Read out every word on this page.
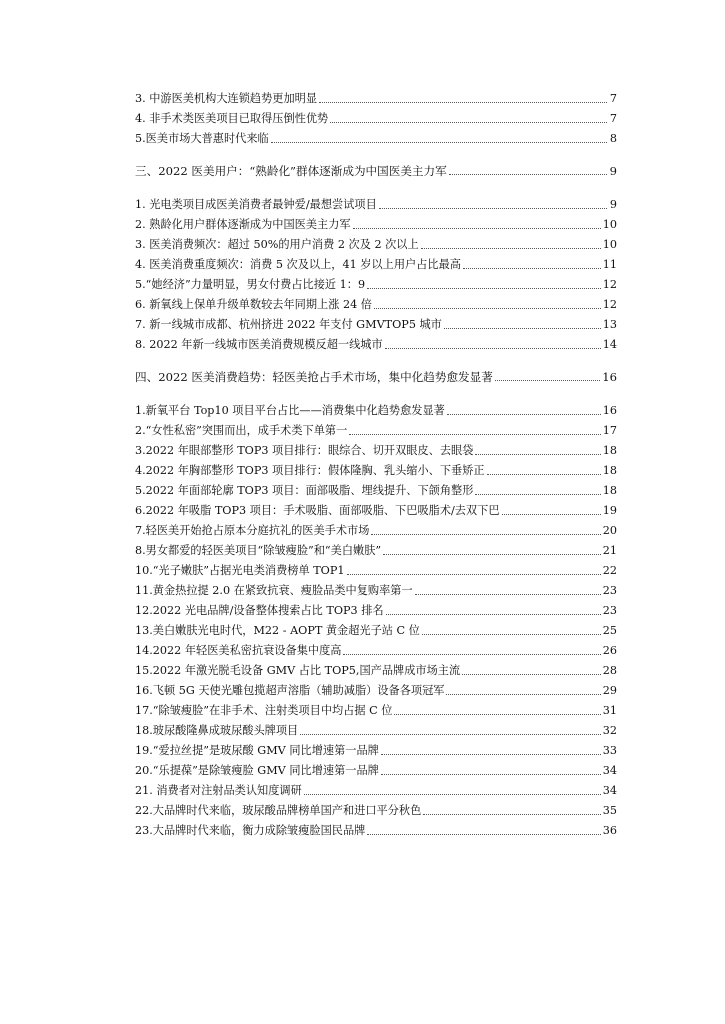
3. 中游医美机构大连锁趋势更加明显	7
4. 非手术类医美项目已取得压倒性优势	7
5.医美市场大普惠时代来临	8
三、2022 医美用户：“熟龄化”群体逐渐成为中国医美主力军	9
1. 光电类项目成医美消费者最钟爱/最想尝试项目	9
2. 熟龄化用户群体逐渐成为中国医美主力军	10
3. 医美消费频次：超过 50%的用户消费 2 次及 2 次以上	10
4. 医美消费重度频次：消费 5 次及以上，41 岁以上用户占比最高	11
5.“她经济”力量明显，男女付费占比接近 1：9	12
6. 新氧线上保单升级单数较去年同期上涨 24 倍	12
7. 新一线城市成都、杭州挤进 2022 年支付 GMVTOP5 城市	13
8. 2022 年新一线城市医美消费规模反超一线城市	14
四、2022 医美消费趋势：轻医美抢占手术市场，集中化趋势愈发显著	16
1.新氧平台 Top10 项目平台占比——消费集中化趋势愈发显著	16
2.“女性私密”突围而出，成手术类下单第一	17
3.2022 年眼部整形 TOP3 项目排行：眼综合、切开双眼皮、去眼袋	18
4.2022 年胸部整形 TOP3 项目排行：假体隆胸、乳头缩小、下垂矫正	18
5.2022 年面部轮廓 TOP3 项目：面部吸脂、埋线提升、下颌角整形	18
6.2022 年吸脂 TOP3 项目：手术吸脂、面部吸脂、下巴吸脂术/去双下巴	19
7.轻医美开始抢占原本分庭抗礼的医美手术市场	20
8.男女都爱的轻医美项目“除皱瘦脸”和“美白嫩肤”	21
10.“光子嫩肤”占据光电类消费榜单 TOP1	22
11.黄金热拉提 2.0 在紧致抗衰、瘦脸品类中复购率第一	23
12.2022 光电品牌/设备整体搜索占比 TOP3 排名	23
13.美白嫩肤光电时代，M22 - AOPT 黄金超光子站 C 位	25
14.2022 年轻医美私密抗衰设备集中度高	26
15.2022 年激光脱毛设备 GMV 占比 TOP5,国产品牌成市场主流	28
16.飞顿 5G 天使光雕包揽超声溶脂（辅助减脂）设备各项冠军	29
17.“除皱瘦脸”在非手术、注射类项目中均占据 C 位	31
18.玻尿酸隆鼻成玻尿酸头牌项目	32
19.“爱拉丝提”是玻尿酸 GMV 同比增速第一品牌	33
20.“乐提葆”是除皱瘦脸 GMV 同比增速第一品牌	34
21. 消费者对注射品类认知度调研	34
22.大品牌时代来临，玻尿酸品牌榜单国产和进口平分秋色	35
23.大品牌时代来临，衡力成除皱瘦脸国民品牌	36
